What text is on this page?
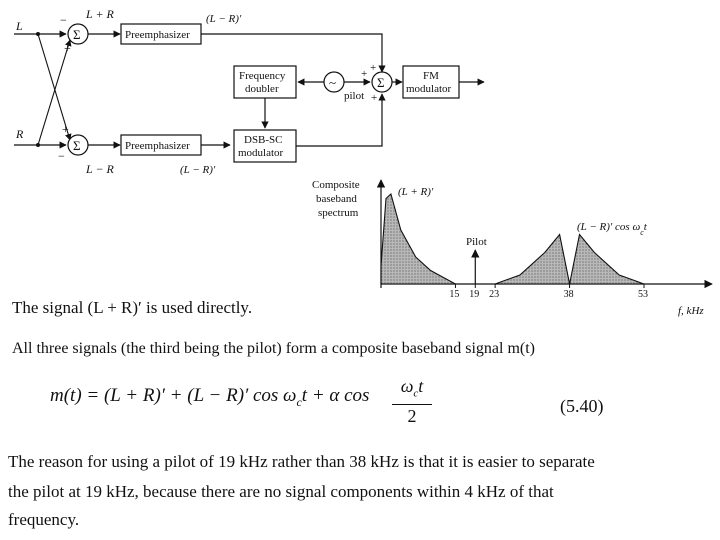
L
R
Σ
Σ
−
+
+
−
L + R
L − R
Preemphasizer
Preemphasizer
(L − R)′
(L − R)′
Frequency
doubler
DSB-SC
modulator
~
pilot
Σ
+
+
+
FM
modulator
Composite
baseband
spectrum
15 19 23	38	53
(L + R)′
(L − R)′ $\cos \omega_ct$
Pilot
f, kHz
The signal (L + R)′ is used directly.
All three signals (the third being the pilot) form a composite baseband signal m(t)
m(t) = (L + R)′ + (L − R)′ $\cos \omega_ct + \alpha$ cos	$\omega_ct$
2	(5.40)
The reason for using a pilot of 19 kHz rather than 38 kHz is that it is easier to separate
the pilot at 19 kHz, because there are no signal components within 4 kHz of that
frequency.
